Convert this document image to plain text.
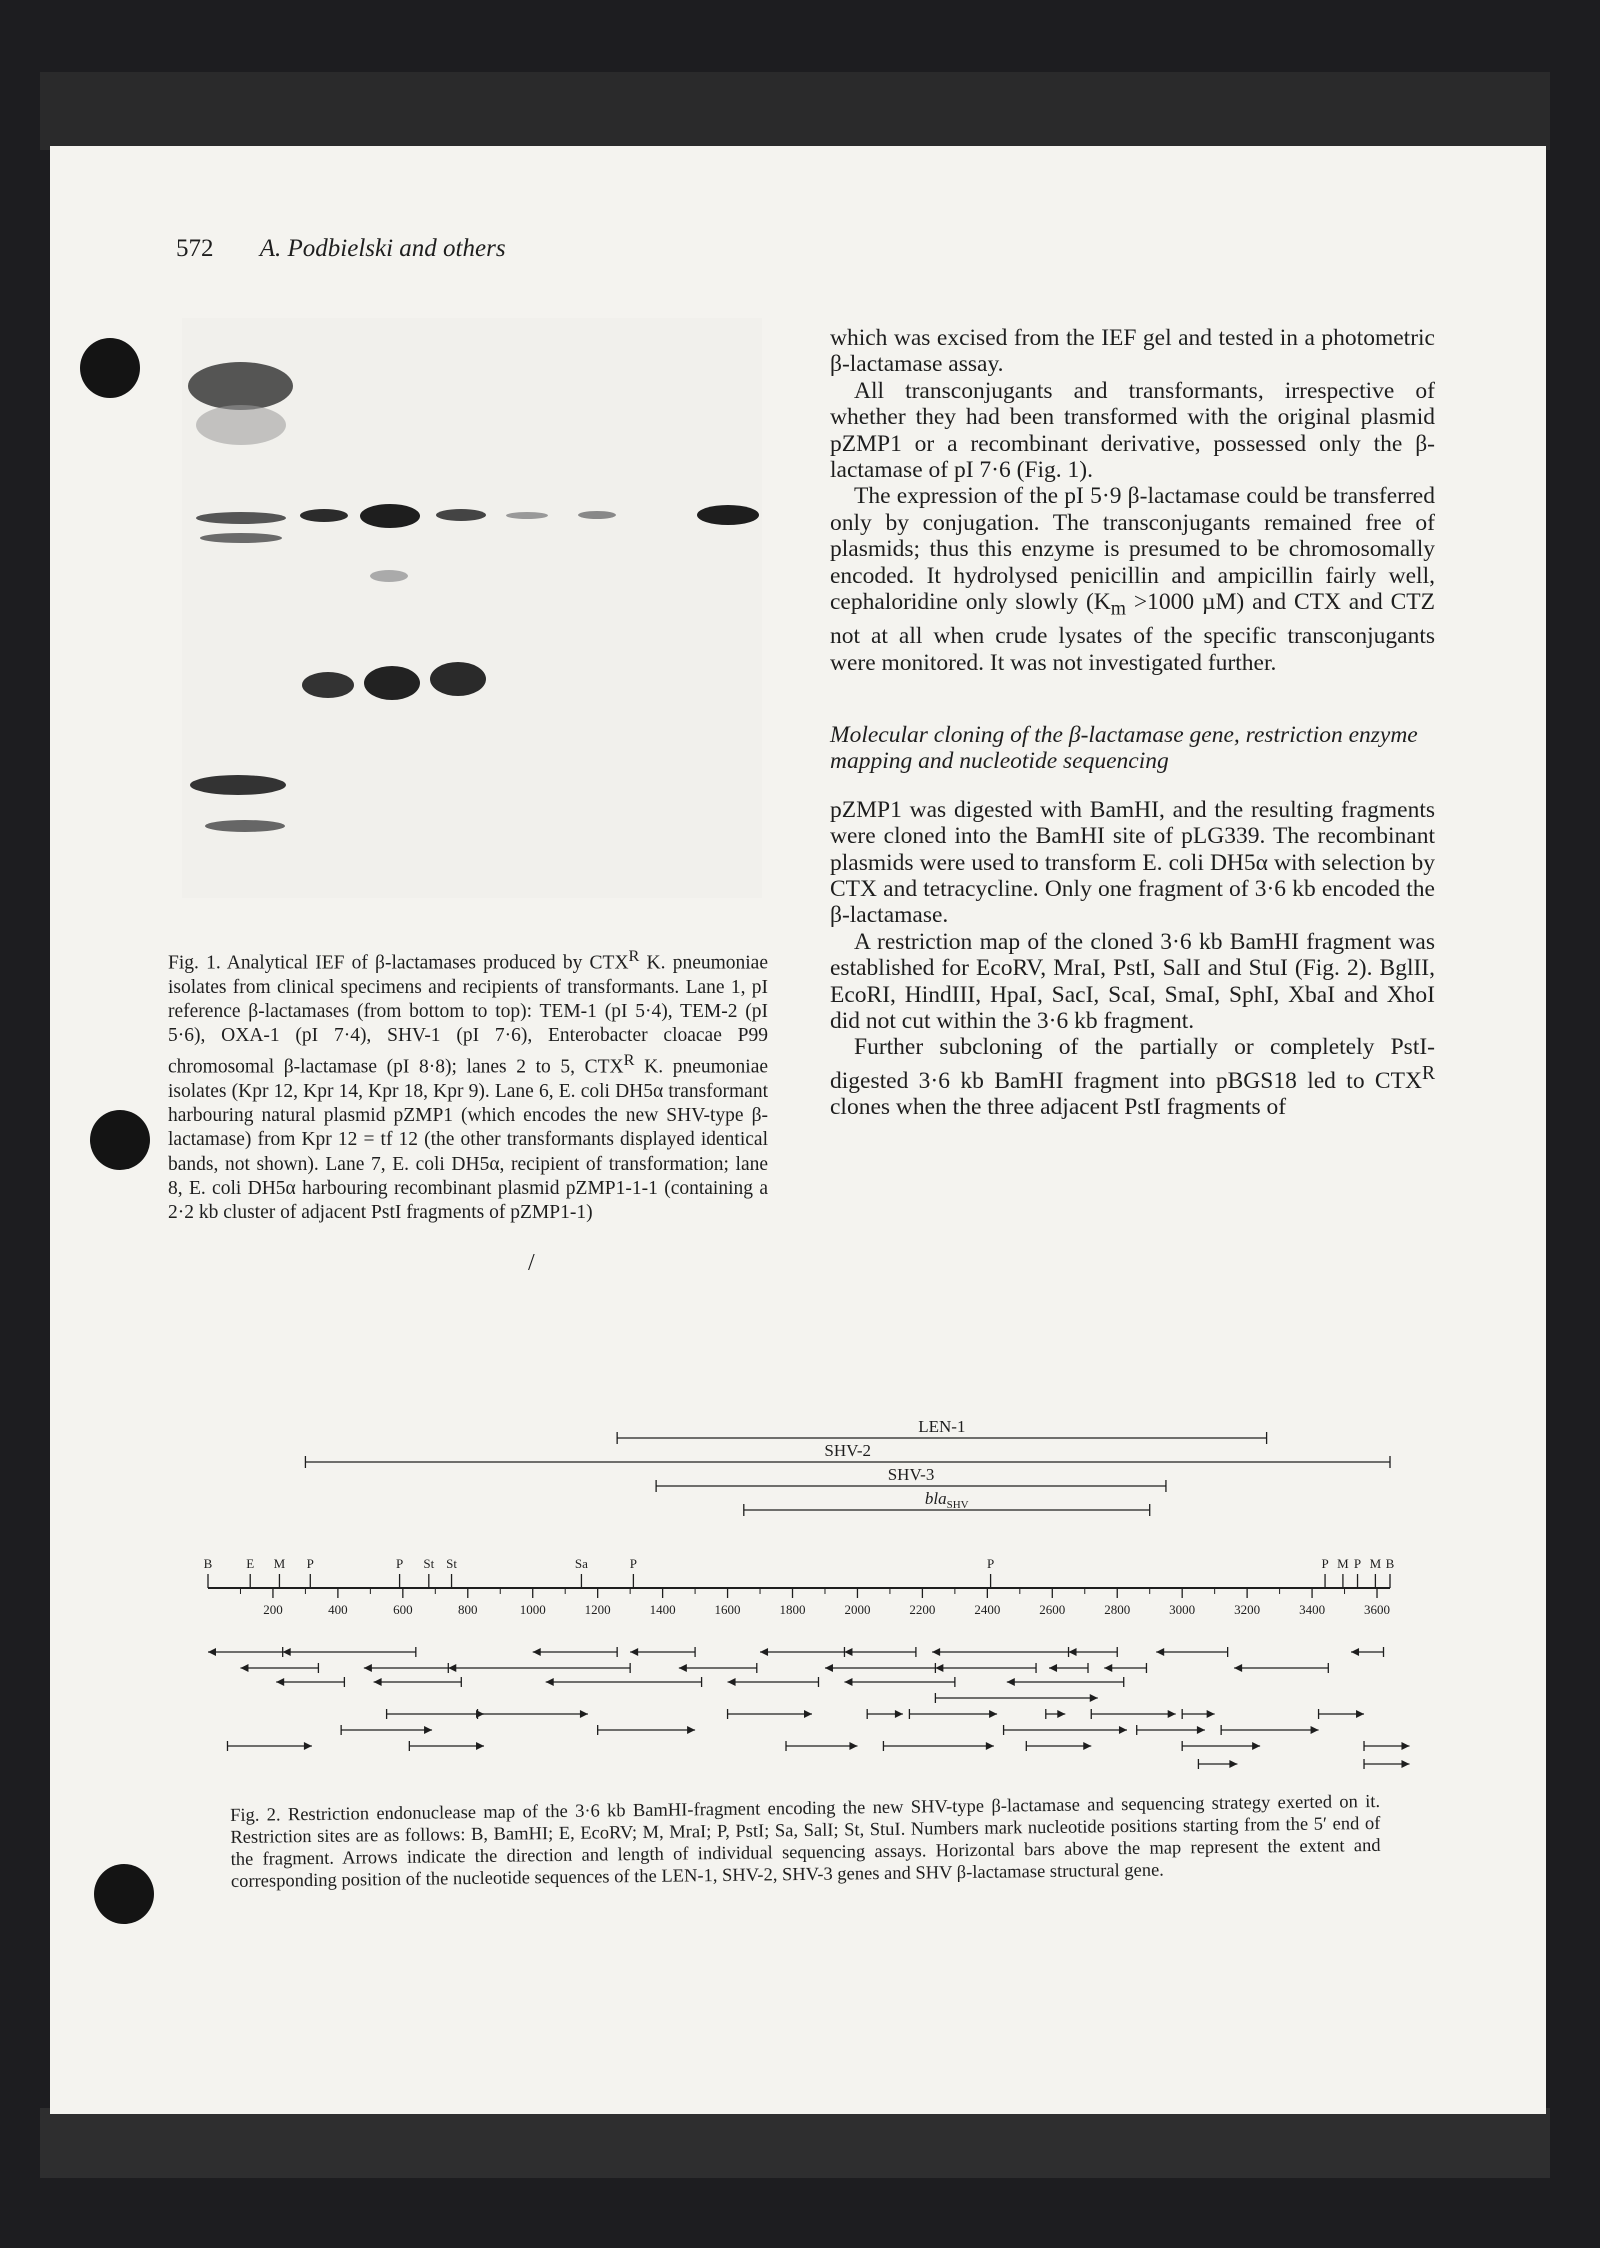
572 A. Podbielski and others

Fig. 1. Analytical IEF of β-lactamases produced by $CTX^R$ K. pneumoniae isolates from clinical specimens and recipients of transformants. Lane 1, pI reference β-lactamases (from bottom to top): TEM-1 (pI 5·4), TEM-2 (pI 5·6), OXA-1 (pI 7·4), SHV-1 (pI 7·6), Enterobacter cloacae P99 chromosomal β-lactamase (pI 8·8); lanes 2 to 5, $CTX^R$ K. pneumoniae isolates (Kpr 12, Kpr 14, Kpr 18, Kpr 9). Lane 6, E. coli DH5α transformant harbouring natural plasmid pZMP1 (which encodes the new SHV-type β-lactamase) from Kpr 12 = tf 12 (the other transformants displayed identical bands, not shown). Lane 7, E. coli DH5α, recipient of transformation; lane 8, E. coli DH5α harbouring recombinant plasmid pZMP1-1-1 (containing a 2·2 kb cluster of adjacent PstI fragments of pZMP1-1)

/

which was excised from the IEF gel and tested in a photometric β-lactamase assay.

All transconjugants and transformants, irrespective of whether they had been transformed with the original plasmid pZMP1 or a recombinant derivative, possessed only the β-lactamase of pI 7·6 (Fig. 1).

The expression of the pI 5·9 β-lactamase could be transferred only by conjugation. The transconjugants remained free of plasmids; thus this enzyme is presumed to be chromosomally encoded. It hydrolysed penicillin and ampicillin fairly well, cephaloridine only slowly ($K_m >1000$ µM) and CTX and CTZ not at all when crude lysates of the specific transconjugants were monitored. It was not investigated further.

Molecular cloning of the β-lactamase gene, restriction enzyme mapping and nucleotide sequencing

pZMP1 was digested with BamHI, and the resulting fragments were cloned into the BamHI site of pLG339. The recombinant plasmids were used to transform E. coli DH5α with selection by CTX and tetracycline. Only one fragment of 3·6 kb encoded the β-lactamase.

A restriction map of the cloned 3·6 kb BamHI fragment was established for EcoRV, MraI, PstI, SalI and StuI (Fig. 2). BglII, EcoRI, HindIII, HpaI, SacI, ScaI, SmaI, SphI, XbaI and XhoI did not cut within the 3·6 kb fragment.

Further subcloning of the partially or completely PstI-digested 3·6 kb BamHI fragment into pBGS18 led to $CTX^R$ clones when the three adjacent PstI fragments of

LEN-1
SHV-2
SHV-3
bla$_{SHV}$
B	E M P	P St St	Sa	P	P	P M P M B
200	400	600	800	1000	1200	1400	1600	1800	2000	2200	2400	2600	2800	3000	3200	3400	3600

Fig. 2. Restriction endonuclease map of the 3·6 kb BamHI-fragment encoding the new SHV-type β-lactamase and sequencing strategy exerted on it. Restriction sites are as follows: B, BamHI; E, EcoRV; M, MraI; P, PstI; Sa, SalI; St, StuI. Numbers mark nucleotide positions starting from the 5′ end of the fragment. Arrows indicate the direction and length of individual sequencing assays. Horizontal bars above the map represent the extent and corresponding position of the nucleotide sequences of the LEN-1, SHV-2, SHV-3 genes and SHV β-lactamase structural gene.
